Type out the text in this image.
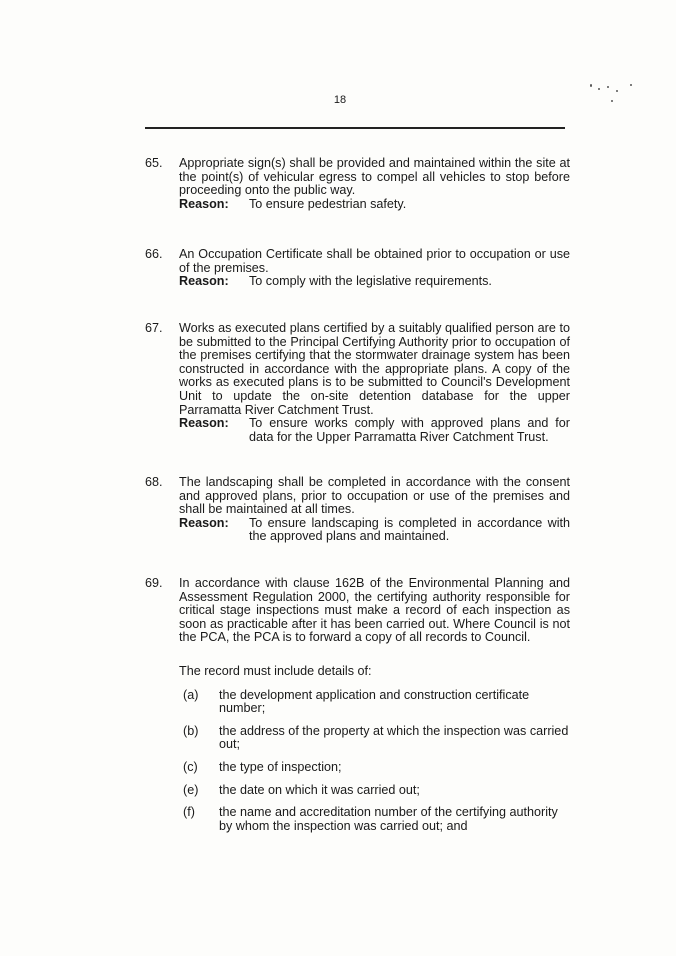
18
65. Appropriate sign(s) shall be provided and maintained within the site at the point(s) of vehicular egress to compel all vehicles to stop before proceeding onto the public way.
Reason:	To ensure pedestrian safety.
66. An Occupation Certificate shall be obtained prior to occupation or use of the premises.
Reason:	To comply with the legislative requirements.
67. Works as executed plans certified by a suitably qualified person are to be submitted to the Principal Certifying Authority prior to occupation of the premises certifying that the stormwater drainage system has been constructed in accordance with the appropriate plans. A copy of the works as executed plans is to be submitted to Council's Development Unit to update the on-site detention database for the upper Parramatta River Catchment Trust.
Reason:	To ensure works comply with approved plans and for data for the Upper Parramatta River Catchment Trust.
68. The landscaping shall be completed in accordance with the consent and approved plans, prior to occupation or use of the premises and shall be maintained at all times.
Reason:	To ensure landscaping is completed in accordance with the approved plans and maintained.
69. In accordance with clause 162B of the Environmental Planning and Assessment Regulation 2000, the certifying authority responsible for critical stage inspections must make a record of each inspection as soon as practicable after it has been carried out. Where Council is not the PCA, the PCA is to forward a copy of all records to Council.
The record must include details of:
(a)	the development application and construction certificate number;
(b)	the address of the property at which the inspection was carried out;
(c)	the type of inspection;
(e)	the date on which it was carried out;
(f)	the name and accreditation number of the certifying authority by whom the inspection was carried out; and
